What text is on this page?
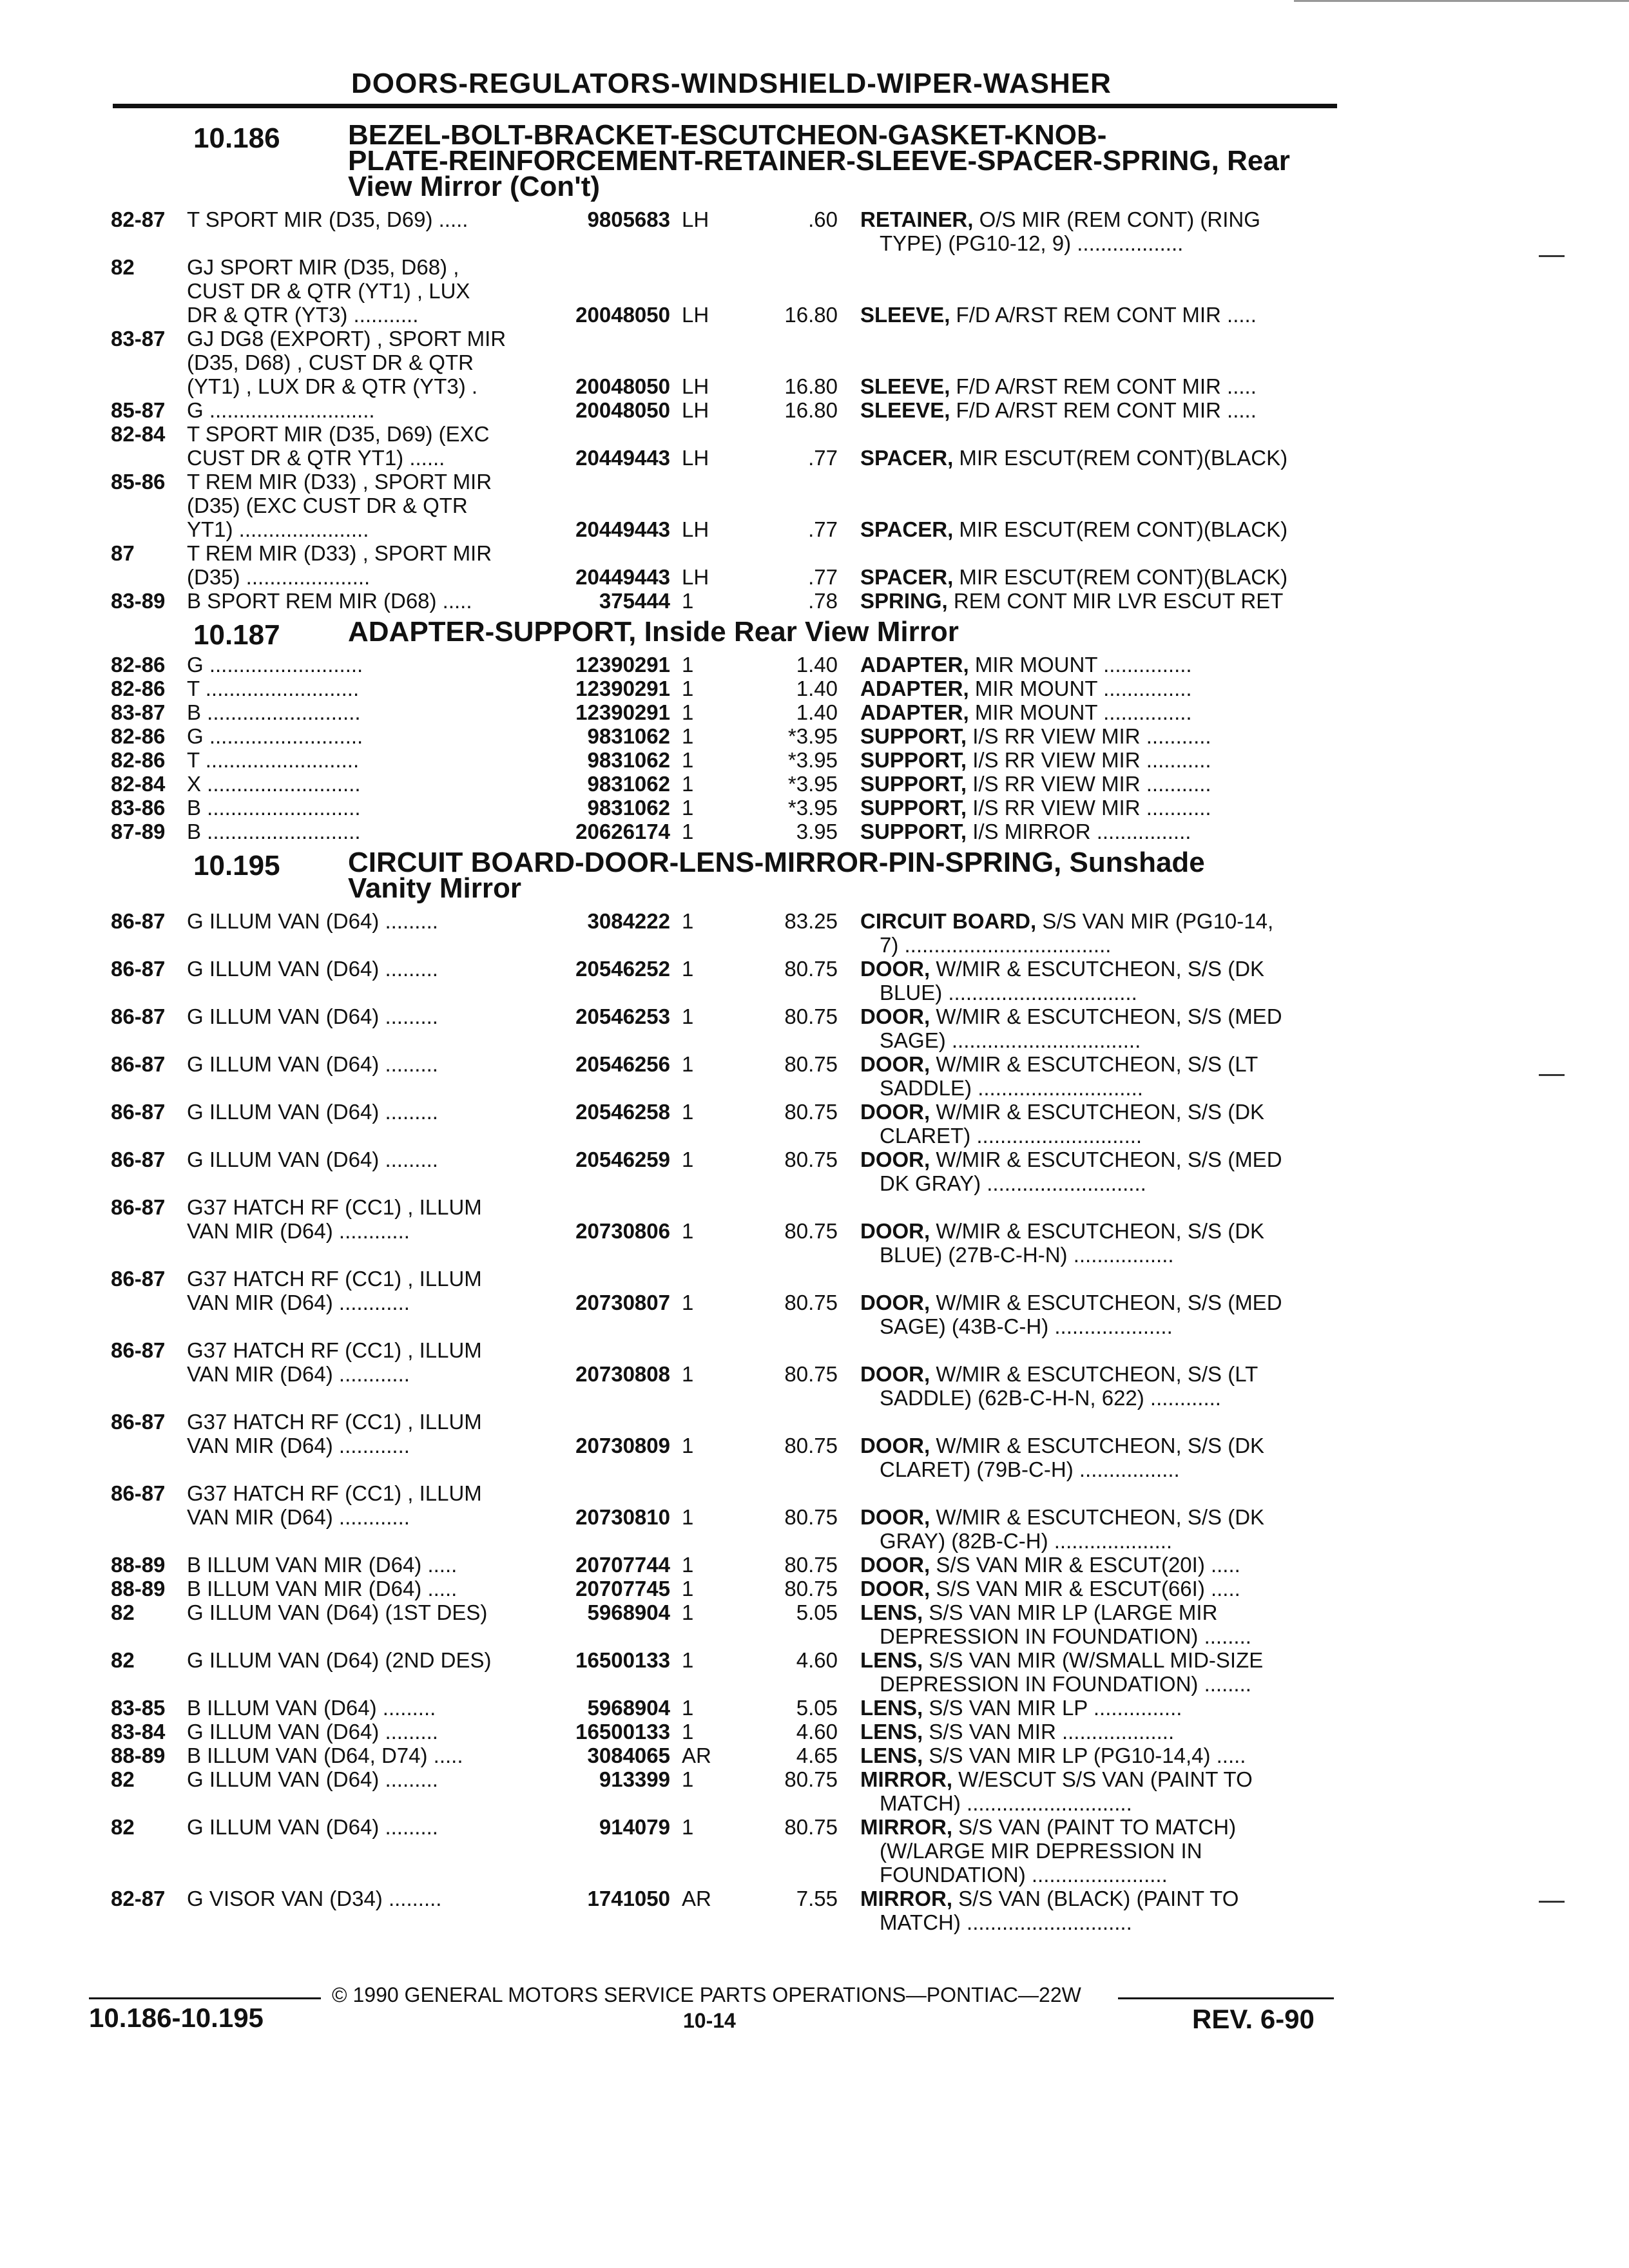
DOORS-REGULATORS-WINDSHIELD-WIPER-WASHER
10.186 BEZEL-BOLT-BRACKET-ESCUTCHEON-GASKET-KNOB-
PLATE-REINFORCEMENT-RETAINER-SLEEVE-SPACER-SPRING, Rear
View Mirror (Con't)
82-87 T SPORT MIR (D35, D69) .....	9805683 LH	.60 RETAINER, O/S MIR (REM CONT) (RING
TYPE) (PG10-12, 9) ..................
82 GJ SPORT MIR (D35, D68) ,
CUST DR & QTR (YT1) , LUX
DR & QTR (YT3) ...........	20048050 LH	16.80 SLEEVE, F/D A/RST REM CONT MIR .....
83-87 GJ DG8 (EXPORT) , SPORT MIR
(D35, D68) , CUST DR & QTR
(YT1) , LUX DR & QTR (YT3) .	20048050 LH	16.80 SLEEVE, F/D A/RST REM CONT MIR .....
85-87 G ............................	20048050 LH	16.80 SLEEVE, F/D A/RST REM CONT MIR .....
82-84 T SPORT MIR (D35, D69) (EXC
CUST DR & QTR YT1) ......	20449443 LH	.77 SPACER, MIR ESCUT(REM CONT)(BLACK)
85-86 T REM MIR (D33) , SPORT MIR
(D35) (EXC CUST DR & QTR
YT1) ......................	20449443 LH	.77 SPACER, MIR ESCUT(REM CONT)(BLACK)
87 T REM MIR (D33) , SPORT MIR
(D35) .....................	20449443 LH	.77 SPACER, MIR ESCUT(REM CONT)(BLACK)
83-89 B SPORT REM MIR (D68) .....	375444 1	.78 SPRING, REM CONT MIR LVR ESCUT RET
10.187 ADAPTER-SUPPORT, Inside Rear View Mirror
82-86 G ..........................	12390291 1	1.40 ADAPTER, MIR MOUNT ...............
82-86 T ..........................	12390291 1	1.40 ADAPTER, MIR MOUNT ...............
83-87 B ..........................	12390291 1	1.40 ADAPTER, MIR MOUNT ...............
82-86 G ..........................	9831062 1	*3.95 SUPPORT, I/S RR VIEW MIR ...........
82-86 T ..........................	9831062 1	*3.95 SUPPORT, I/S RR VIEW MIR ...........
82-84 X ..........................	9831062 1	*3.95 SUPPORT, I/S RR VIEW MIR ...........
83-86 B ..........................	9831062 1	*3.95 SUPPORT, I/S RR VIEW MIR ...........
87-89 B ..........................	20626174 1	3.95 SUPPORT, I/S MIRROR ................
10.195 CIRCUIT BOARD-DOOR-LENS-MIRROR-PIN-SPRING, Sunshade
Vanity Mirror
86-87 G ILLUM VAN (D64) .........	3084222 1	83.25 CIRCUIT BOARD, S/S VAN MIR (PG10-14,
7) ...................................
86-87 G ILLUM VAN (D64) .........	20546252 1	80.75 DOOR, W/MIR & ESCUTCHEON, S/S (DK
BLUE) ................................
86-87 G ILLUM VAN (D64) .........	20546253 1	80.75 DOOR, W/MIR & ESCUTCHEON, S/S (MED
SAGE) ................................
86-87 G ILLUM VAN (D64) .........	20546256 1	80.75 DOOR, W/MIR & ESCUTCHEON, S/S (LT
SADDLE) ............................
86-87 G ILLUM VAN (D64) .........	20546258 1	80.75 DOOR, W/MIR & ESCUTCHEON, S/S (DK
CLARET) ............................
86-87 G ILLUM VAN (D64) .........	20546259 1	80.75 DOOR, W/MIR & ESCUTCHEON, S/S (MED
DK GRAY) ...........................
86-87 G37 HATCH RF (CC1) , ILLUM
VAN MIR (D64) ............	20730806 1	80.75 DOOR, W/MIR & ESCUTCHEON, S/S (DK
BLUE) (27B-C-H-N) .................
86-87 G37 HATCH RF (CC1) , ILLUM
VAN MIR (D64) ............	20730807 1	80.75 DOOR, W/MIR & ESCUTCHEON, S/S (MED
SAGE) (43B-C-H) ....................
86-87 G37 HATCH RF (CC1) , ILLUM
VAN MIR (D64) ............	20730808 1	80.75 DOOR, W/MIR & ESCUTCHEON, S/S (LT
SADDLE) (62B-C-H-N, 622) ............
86-87 G37 HATCH RF (CC1) , ILLUM
VAN MIR (D64) ............	20730809 1	80.75 DOOR, W/MIR & ESCUTCHEON, S/S (DK
CLARET) (79B-C-H) .................
86-87 G37 HATCH RF (CC1) , ILLUM
VAN MIR (D64) ............	20730810 1	80.75 DOOR, W/MIR & ESCUTCHEON, S/S (DK
GRAY) (82B-C-H) ....................
88-89 B ILLUM VAN MIR (D64) .....	20707744 1	80.75 DOOR, S/S VAN MIR & ESCUT(20I) .....
88-89 B ILLUM VAN MIR (D64) .....	20707745 1	80.75 DOOR, S/S VAN MIR & ESCUT(66I) .....
82 G ILLUM VAN (D64) (1ST DES)	5968904 1	5.05 LENS, S/S VAN MIR LP (LARGE MIR
DEPRESSION IN FOUNDATION) ........
82 G ILLUM VAN (D64) (2ND DES)	16500133 1	4.60 LENS, S/S VAN MIR (W/SMALL MID-SIZE
DEPRESSION IN FOUNDATION) ........
83-85 B ILLUM VAN (D64) .........	5968904 1	5.05 LENS, S/S VAN MIR LP ...............
83-84 G ILLUM VAN (D64) .........	16500133 1	4.60 LENS, S/S VAN MIR ...................
88-89 B ILLUM VAN (D64, D74) .....	3084065 AR	4.65 LENS, S/S VAN MIR LP (PG10-14,4) .....
82 G ILLUM VAN (D64) .........	913399 1	80.75 MIRROR, W/ESCUT S/S VAN (PAINT TO
MATCH) ............................
82 G ILLUM VAN (D64) .........	914079 1	80.75 MIRROR, S/S VAN (PAINT TO MATCH)
(W/LARGE MIR DEPRESSION IN
FOUNDATION) .......................
82-87 G VISOR VAN (D34) .........	1741050 AR	7.55 MIRROR, S/S VAN (BLACK) (PAINT TO
MATCH) ............................
© 1990 GENERAL MOTORS SERVICE PARTS OPERATIONS—PONTIAC—22W
10.186-10.195	10-14	REV. 6-90
